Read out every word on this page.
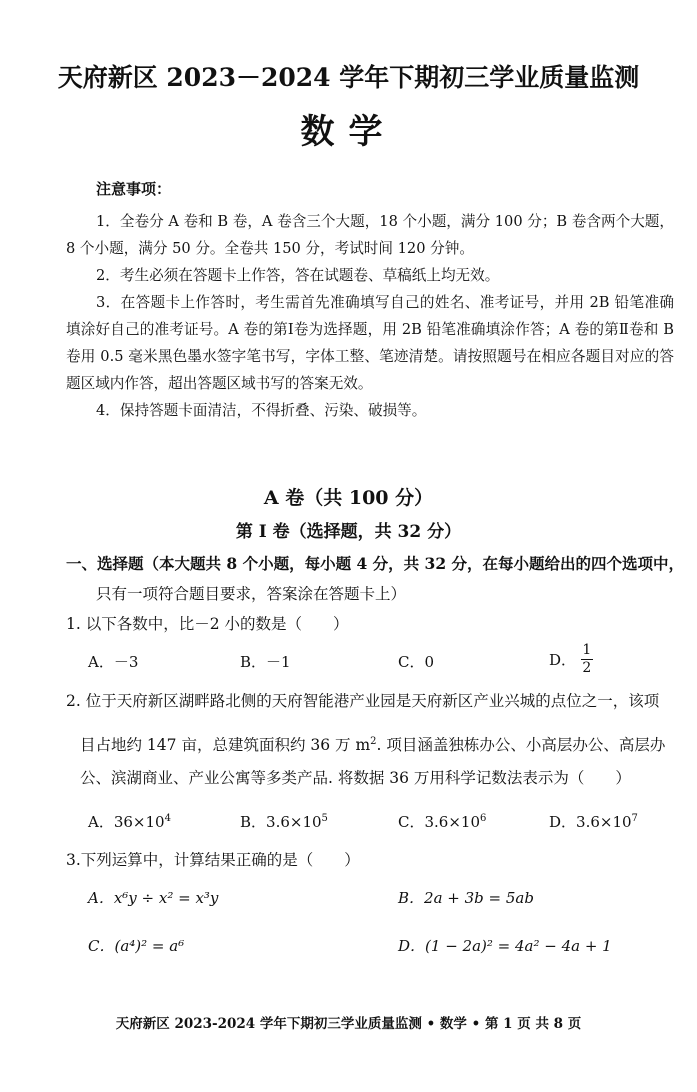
天府新区 2023－2024 学年下期初三学业质量监测
数学
注意事项：
1．全卷分 A 卷和 B 卷，A 卷含三个大题，18 个小题，满分 100 分；B 卷含两个大题，8 个小题，满分 50 分。全卷共 150 分，考试时间 120 分钟。
2．考生必须在答题卡上作答，答在试题卷、草稿纸上均无效。
3．在答题卡上作答时，考生需首先准确填写自己的姓名、准考证号，并用 2B 铅笔准确填涂好自己的准考证号。A 卷的第Ⅰ卷为选择题，用 2B 铅笔准确填涂作答；A 卷的第Ⅱ卷和 B 卷用 0.5 毫米黑色墨水签字笔书写，字体工整、笔迹清楚。请按照题号在相应各题目对应的答题区域内作答，超出答题区域书写的答案无效。
4．保持答题卡面清洁，不得折叠、污染、破损等。
A 卷（共 100 分）
第 Ⅰ 卷（选择题，共 32 分）
一、选择题（本大题共 8 个小题，每小题 4 分，共 32 分，在每小题给出的四个选项中，
只有一项符合题目要求，答案涂在答题卡上）
1. 以下各数中，比－2 小的数是（　　）
A．－3	B．－1	C．0	D． $\frac{1}{2}$
2. 位于天府新区湖畔路北侧的天府智能港产业园是天府新区产业兴城的点位之一，该项
目占地约 147 亩，总建筑面积约 36 万 $m^2$. 项目涵盖独栋办公、小高层办公、高层办
公、滨湖商业、产业公寓等多类产品. 将数据 36 万用科学记数法表示为（　　）
A．$36\times 10^4$	B．$3.6\times 10^5$	C．$3.6\times 10^6$	D．$3.6\times 10^7$
3.下列运算中，计算结果正确的是（　　）
A．x⁶y ÷ x² = x³y	B．2a + 3b = 5ab
C．(a⁴)² = a⁶	D．(1 − 2a)² = 4a² − 4a + 1
天府新区 2023-2024 学年下期初三学业质量监测 • 数学 • 第 1 页 共 8 页
